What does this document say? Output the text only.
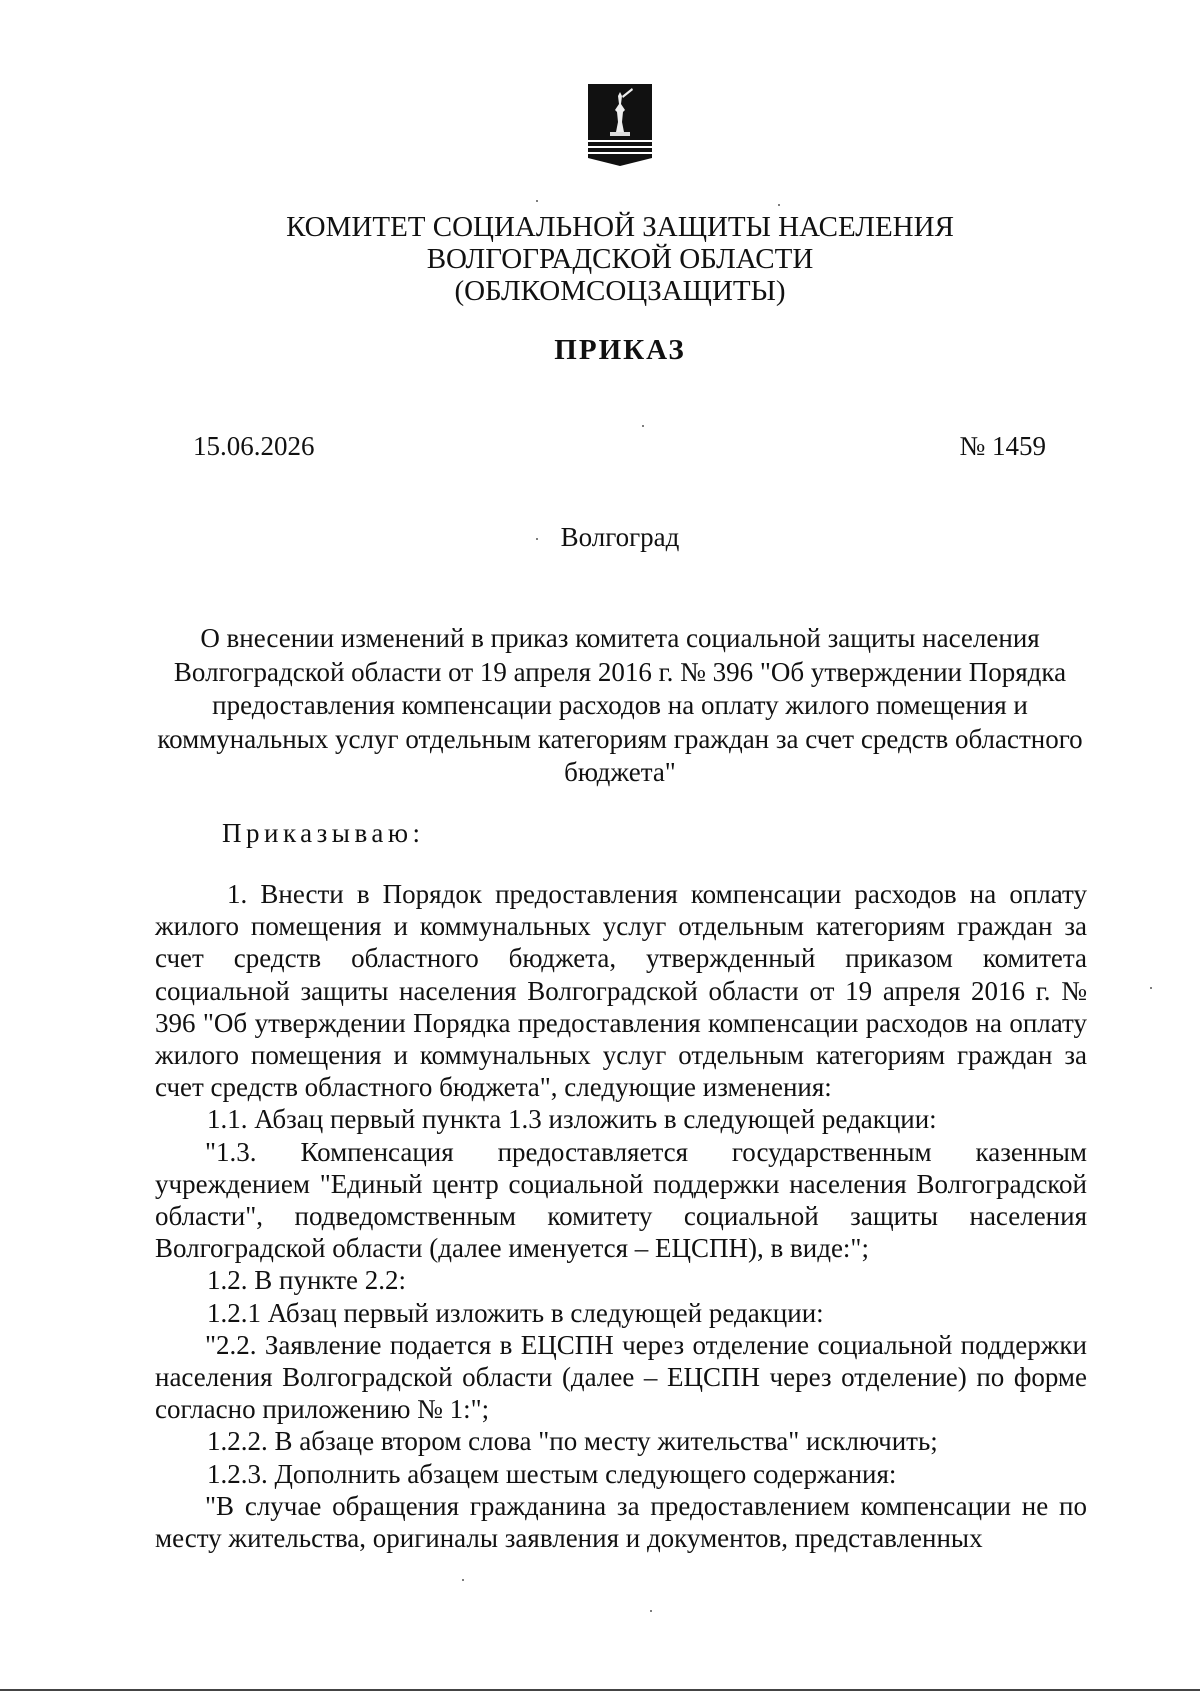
КОМИТЕТ СОЦИАЛЬНОЙ ЗАЩИТЫ НАСЕЛЕНИЯ
ВОЛГОГРАДСКОЙ ОБЛАСТИ
(ОБЛКОМСОЦЗАЩИТЫ)
ПРИКАЗ
15.06.2026	№ 1459
Волгоград
О внесении изменений в приказ комитета социальной защиты населения Волгоградской области от 19 апреля 2016 г. № 396 "Об утверждении Порядка предоставления компенсации расходов на оплату жилого помещения и коммунальных услуг отдельным категориям граждан за счет средств областного бюджета"
Приказываю:

1. Внести в Порядок предоставления компенсации расходов на оплату жилого помещения и коммунальных услуг отдельным категориям граждан за счет средств областного бюджета, утвержденный приказом комитета социальной защиты населения Волгоградской области от 19 апреля 2016 г. № 396 "Об утверждении Порядка предоставления компенсации расходов на оплату жилого помещения и коммунальных услуг отдельным категориям граждан за счет средств областного бюджета", следующие изменения:

1.1. Абзац первый пункта 1.3 изложить в следующей редакции:

"1.3. Компенсация предоставляется государственным казенным учреждением "Единый центр социальной поддержки населения Волгоградской области", подведомственным комитету социальной защиты населения Волгоградской области (далее именуется – ЕЦСПН), в виде:";

1.2. В пункте 2.2:

1.2.1 Абзац первый изложить в следующей редакции:

"2.2. Заявление подается в ЕЦСПН через отделение социальной поддержки населения Волгоградской области (далее – ЕЦСПН через отделение) по форме согласно приложению № 1:";

1.2.2. В абзаце втором слова "по месту жительства" исключить;

1.2.3. Дополнить абзацем шестым следующего содержания:

"В случае обращения гражданина за предоставлением компенсации не по месту жительства, оригиналы заявления и документов, представленных
